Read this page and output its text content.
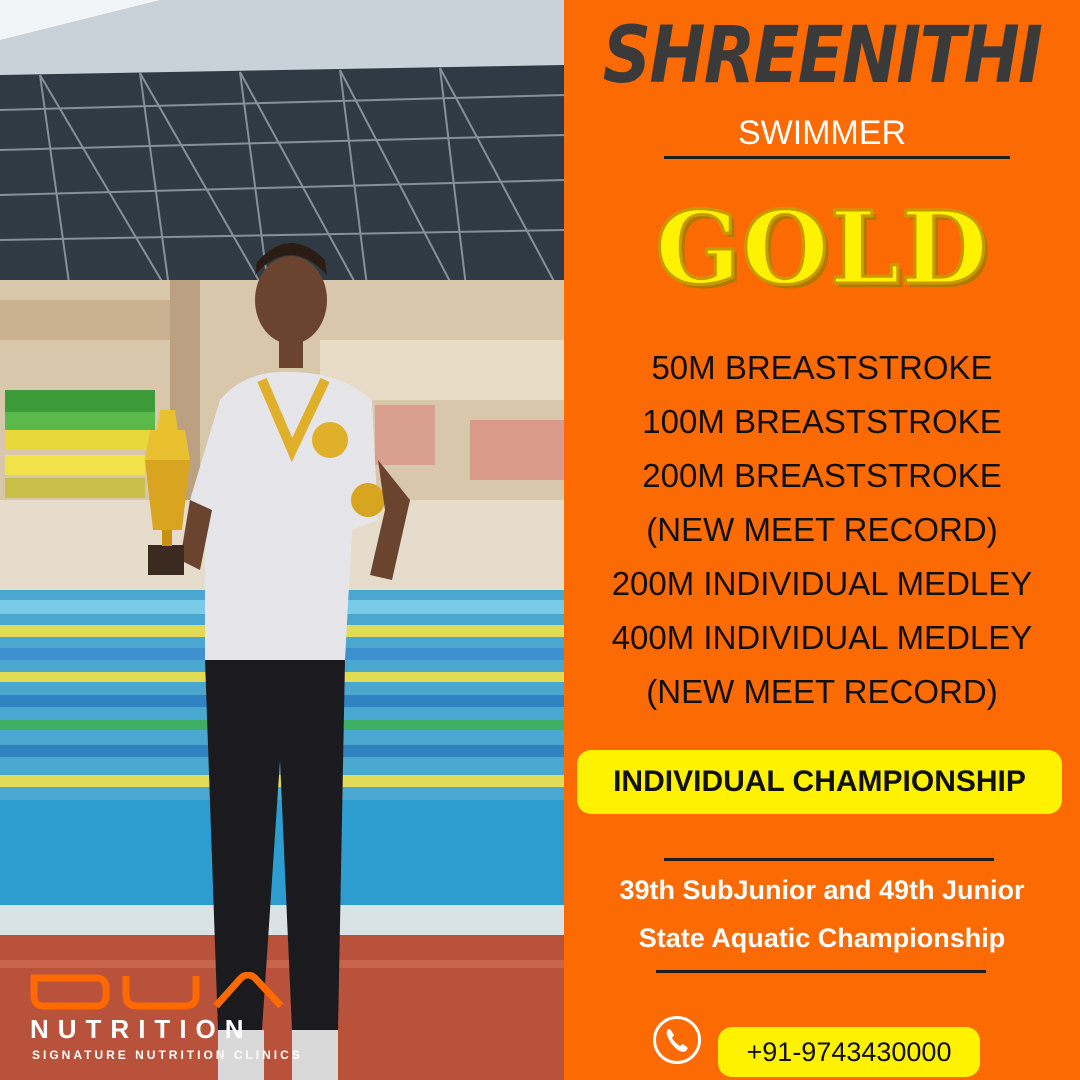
NUTRITION
SIGNATURE NUTRITION CLINICS
SHREENITHI
SWIMMER
GOLD
50M BREASTSTROKE
100M BREASTSTROKE
200M BREASTSTROKE
(NEW MEET RECORD)
200M INDIVIDUAL MEDLEY
400M INDIVIDUAL MEDLEY
(NEW MEET RECORD)
INDIVIDUAL CHAMPIONSHIP
39th SubJunior and 49th Junior
State Aquatic Championship
+91-9743430000
